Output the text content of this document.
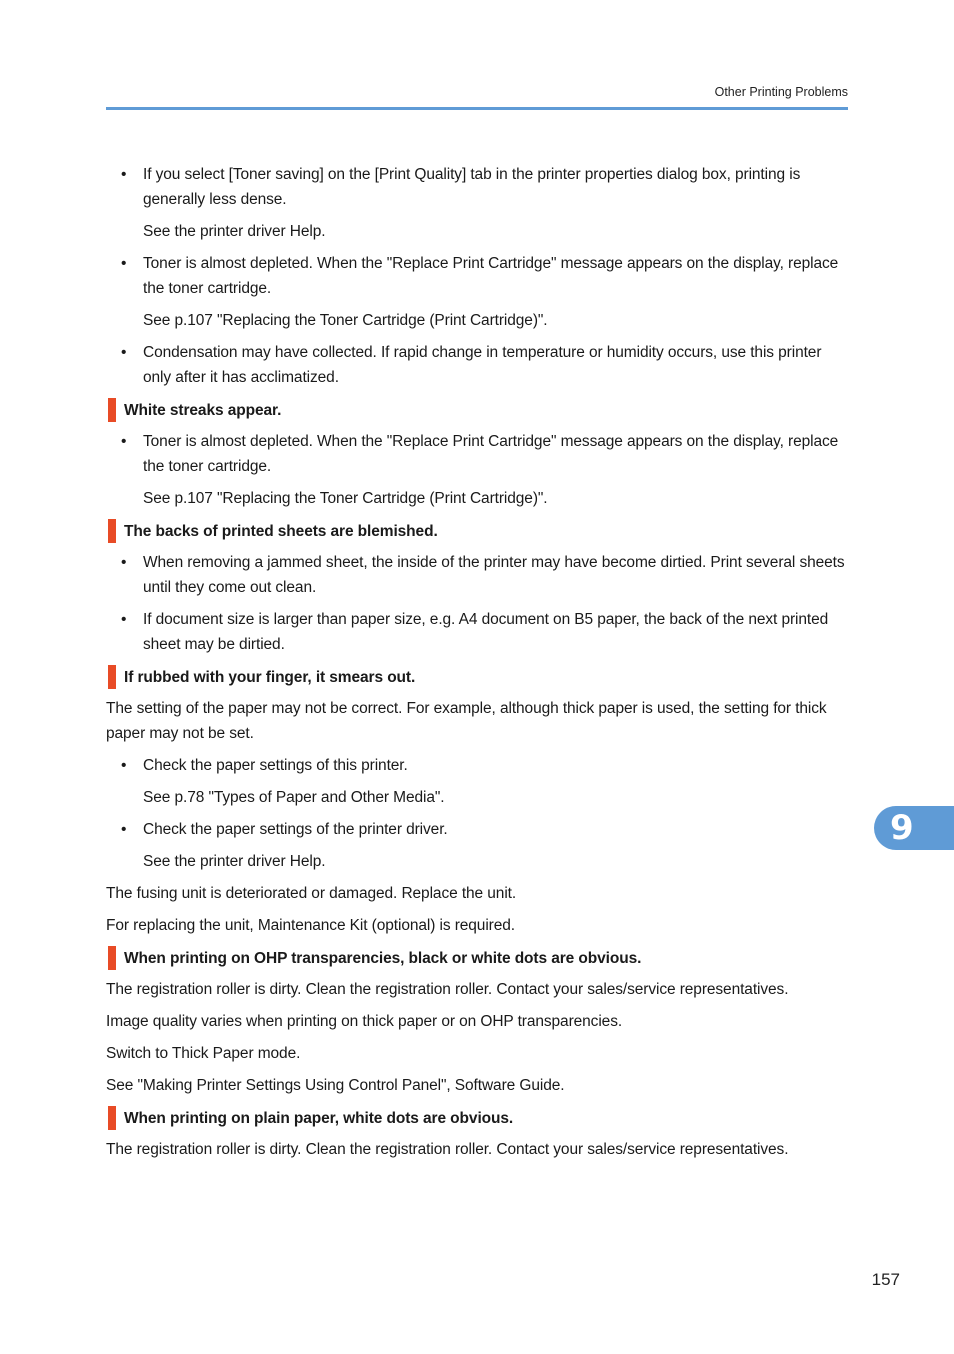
Other Printing Problems
• If you select [Toner saving] on the [Print Quality] tab in the printer properties dialog box, printing is generally less dense.
See the printer driver Help.
• Toner is almost depleted. When the "Replace Print Cartridge" message appears on the display, replace the toner cartridge.
See p.107 "Replacing the Toner Cartridge (Print Cartridge)".
• Condensation may have collected. If rapid change in temperature or humidity occurs, use this printer only after it has acclimatized.
White streaks appear.
• Toner is almost depleted. When the "Replace Print Cartridge" message appears on the display, replace the toner cartridge.
See p.107 "Replacing the Toner Cartridge (Print Cartridge)".
The backs of printed sheets are blemished.
• When removing a jammed sheet, the inside of the printer may have become dirtied. Print several sheets until they come out clean.
• If document size is larger than paper size, e.g. A4 document on B5 paper, the back of the next printed sheet may be dirtied.
If rubbed with your finger, it smears out.
The setting of the paper may not be correct. For example, although thick paper is used, the setting for thick paper may not be set.
• Check the paper settings of this printer.
See p.78 "Types of Paper and Other Media".
• Check the paper settings of the printer driver.
See the printer driver Help.
The fusing unit is deteriorated or damaged. Replace the unit.
For replacing the unit, Maintenance Kit (optional) is required.
When printing on OHP transparencies, black or white dots are obvious.
The registration roller is dirty. Clean the registration roller. Contact your sales/service representatives.
Image quality varies when printing on thick paper or on OHP transparencies.
Switch to Thick Paper mode.
See "Making Printer Settings Using Control Panel", Software Guide.
When printing on plain paper, white dots are obvious.
The registration roller is dirty. Clean the registration roller. Contact your sales/service representatives.
9
157
